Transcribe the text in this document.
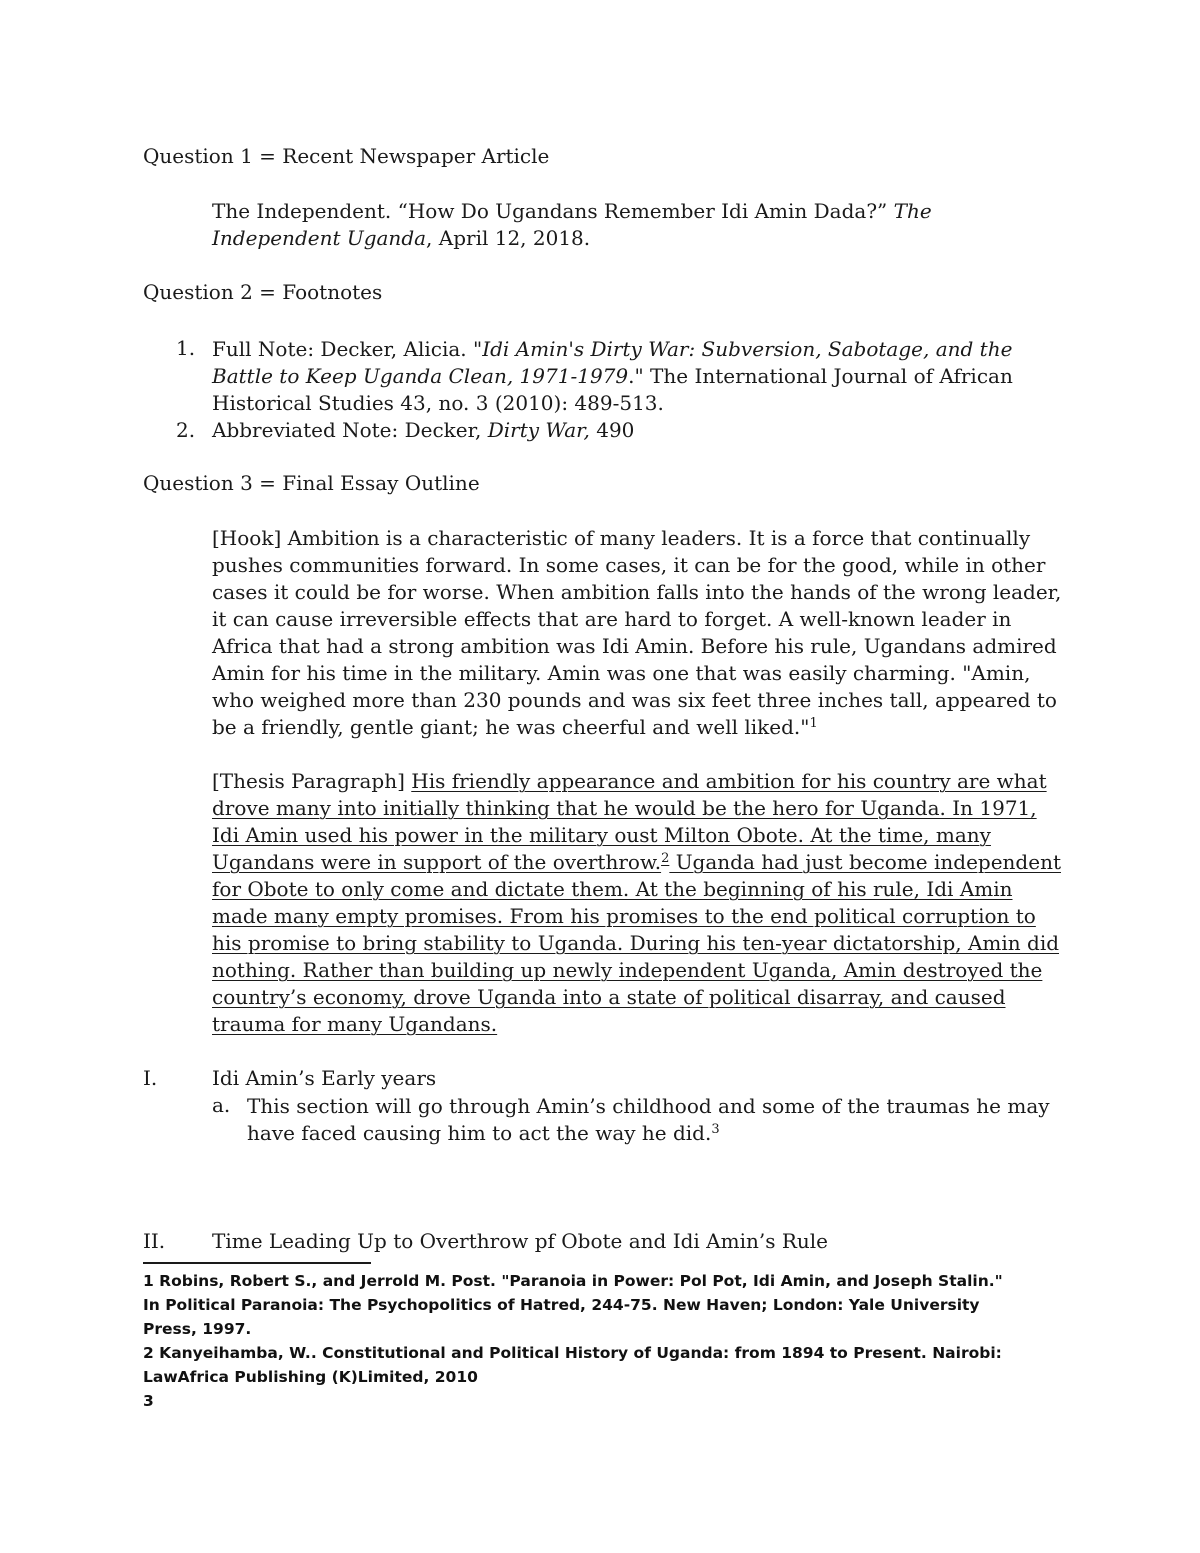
Question 1 = Recent Newspaper Article
The Independent. “How Do Ugandans Remember Idi Amin Dada?” The Independent Uganda, April 12, 2018.
Question 2 = Footnotes
1. Full Note: Decker, Alicia. "Idi Amin's Dirty War: Subversion, Sabotage, and the Battle to Keep Uganda Clean, 1971-1979." The International Journal of African Historical Studies 43, no. 3 (2010): 489-513.
2. Abbreviated Note: Decker, Dirty War, 490
Question 3 = Final Essay Outline
[Hook] Ambition is a characteristic of many leaders. It is a force that continually pushes communities forward. In some cases, it can be for the good, while in other cases it could be for worse. When ambition falls into the hands of the wrong leader, it can cause irreversible effects that are hard to forget. A well-known leader in Africa that had a strong ambition was Idi Amin. Before his rule, Ugandans admired Amin for his time in the military. Amin was one that was easily charming. "Amin, who weighed more than 230 pounds and was six feet three inches tall, appeared to be a friendly, gentle giant; he was cheerful and well liked."$^1$
[Thesis Paragraph] His friendly appearance and ambition for his country are what drove many into initially thinking that he would be the hero for Uganda. In 1971, Idi Amin used his power in the military oust Milton Obote. At the time, many Ugandans were in support of the overthrow.$^2$ Uganda had just become independent for Obote to only come and dictate them. At the beginning of his rule, Idi Amin made many empty promises. From his promises to the end political corruption to his promise to bring stability to Uganda. During his ten-year dictatorship, Amin did nothing. Rather than building up newly independent Uganda, Amin destroyed the country’s economy, drove Uganda into a state of political disarray, and caused trauma for many Ugandans.
I.	Idi Amin’s Early years
a. This section will go through Amin’s childhood and some of the traumas he may have faced causing him to act the way he did.$^3$
II. Time Leading Up to Overthrow pf Obote and Idi Amin’s Rule
1 Robins, Robert S., and Jerrold M. Post. "Paranoia in Power: Pol Pot, Idi Amin, and Joseph Stalin." In Political Paranoia: The Psychopolitics of Hatred, 244-75. New Haven; London: Yale University Press, 1997.
2 Kanyeihamba, W.. Constitutional and Political History of Uganda: from 1894 to Present. Nairobi: LawAfrica Publishing (K)Limited, 2010
3
